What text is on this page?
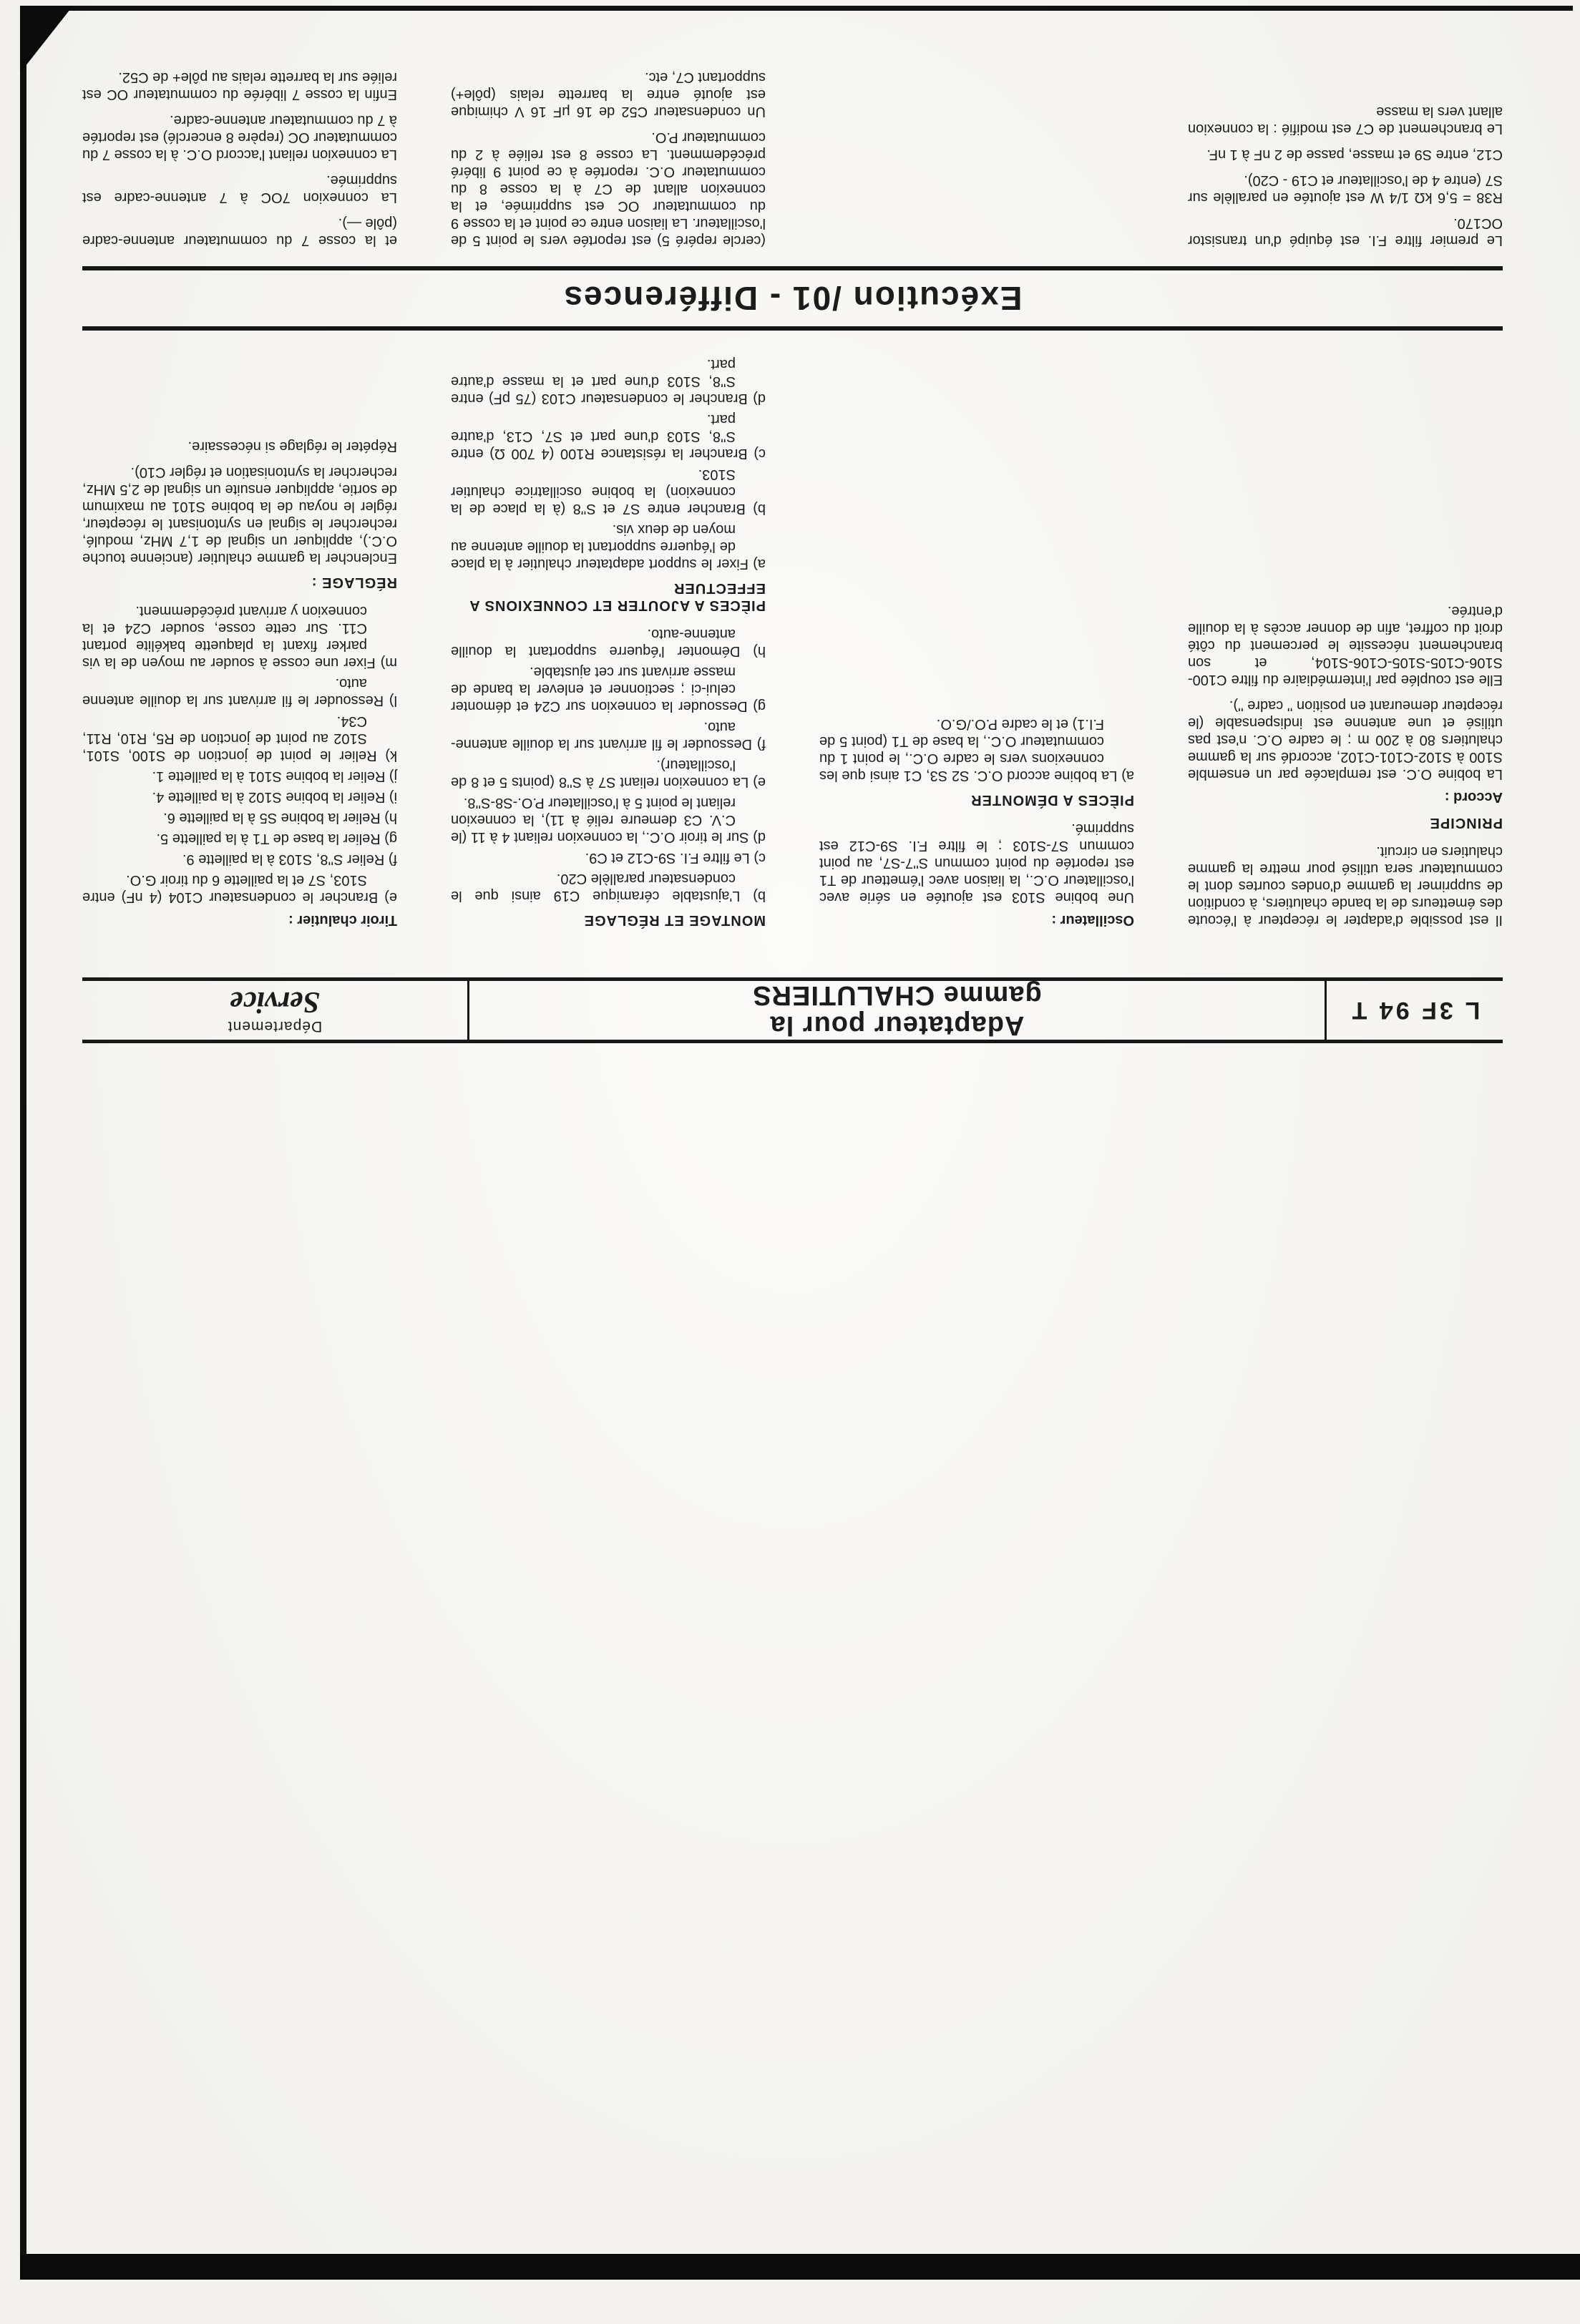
L 3F 94 T
Adaptateur pour la
gamme CHALUTIERS
Département
Service
Il est possible d'adapter le récepteur à l'écoute des émetteurs de la bande chalutiers, à condition de supprimer la gamme d'ondes courtes dont le commutateur sera utilisé pour mettre la gamme chalutiers en circuit.
PRINCIPE
Accord :
La bobine O.C. est remplacée par un ensemble S100 à S102-C101-C102, accordé sur la gamme chalutiers 80 à 200 m ; le cadre O.C. n'est pas utilisé et une antenne est indispensable (le récepteur demeurant en position '' cadre '').
Elle est couplée par l'intermédiaire du filtre C100-S106-C105-S105-C106-S104, et son branchement nécessite le percement du côté droit du coffret, afin de donner accès à la douille d'entrée.
Oscillateur :
Une bobine S103 est ajoutée en série avec l'oscillateur O.C., la liaison avec l'émetteur de T1 est reportée du point commun S''7-S7, au point commun S7-S103 ; le filtre F.I. S9-C12 est supprimé.
PIÈCES A DÉMONTER
a) La bobine accord O.C. S2 S3, C1 ainsi que les connexions vers le cadre O.C., le point 1 du commutateur O.C., la base de T1 (point 5 de F.I.1) et le cadre P.O./G.O.
MONTAGE ET RÉGLAGE
b) L'ajustable céramique C19 ainsi que le condensateur parallèle C20.
c) Le filtre F.I. S9-C12 et C9.
d) Sur le tiroir O.C., la connexion reliant 4 à 11 (le C.V. C3 demeure relié à 11), la connexion reliant le point 5 à l'oscillateur P.O.-S8-S''8.
e) La connexion reliant S7 à S''8 (points 5 et 8 de l'oscillateur).
f) Dessouder le fil arrivant sur la douille antenne-auto.
g) Dessouder la connexion sur C24 et démonter celui-ci ; sectionner et enlever la bande de masse arrivant sur cet ajustable.
h) Démonter l'équerre supportant la douille antenne-auto.
PIÈCES A AJOUTER ET CONNEXIONS A EFFECTUER
a) Fixer le support adaptateur chalutier à la place de l'équerre supportant la douille antenne au moyen de deux vis.
b) Brancher entre S7 et S''8 (à la place de la connexion) la bobine oscillatrice chalutier S103.
c) Brancher la résistance R100 (4 700 Ω) entre S''8, S103 d'une part et S7, C13, d'autre part.
d) Brancher le condensateur C103 (75 pF) entre S''8, S103 d'une part et la masse d'autre part.
Tiroir chalutier :
e) Brancher le condensateur C104 (4 nF) entre S103, S7 et la paillette 6 du tiroir G.O.
f) Relier S''8, S103 à la paillette 9.
g) Relier la base de T1 à la paillette 5.
h) Relier la bobine S5 à la paillette 6.
i) Relier la bobine S102 à la paillette 4.
j) Relier la bobine S101 à la paillette 1.
k) Relier le point de jonction de S100, S101, S102 au point de jonction de R5, R10, R11, C34.
l) Ressouder le fil arrivant sur la douille antenne auto.
m) Fixer une cosse à souder au moyen de la vis parker fixant la plaquette bakélite portant C11. Sur cette cosse, souder C24 et la connexion y arrivant précédemment.
RÉGLAGE :
Enclencher la gamme chalutier (ancienne touche O.C.), appliquer un signal de 1,7 MHz, modulé, rechercher le signal en syntonisant le récepteur, régler le noyau de la bobine S101 au maximum de sortie, appliquer ensuite un signal de 2,5 MHz, rechercher la syntonisation et régler C10).
Répéter le réglage si nécessaire.
Exécution /01 - Différences
Le premier filtre F.I. est équipé d'un transistor OC170.
R38 = 5,6 kΩ 1/4 W est ajoutée en parallèle sur S7 (entre 4 de l'oscillateur et C19 - C20).
C12, entre S9 et masse, passe de 2 nF à 1 nF.
Le branchement de C7 est modifié : la connexion allant vers la masse
(cercle repéré 5) est reportée vers le point 5 de l'oscillateur. La liaison entre ce point et la cosse 9 du commutateur OC est supprimée, et la connexion allant de C7 à la cosse 8 du commutateur O.C. reportée à ce point 9 libéré précédemment. La cosse 8 est reliée à 2 du commutateur P.O.
Un condensateur C52 de 16 μF 16 V chimique est ajouté entre la barrette relais (pôle+) supportant C7, etc.
et la cosse 7 du commutateur antenne-cadre (pôle —).
La connexion 7OC à 7 antenne-cadre est supprimée.
La connexion reliant l'accord O.C. à la cosse 7 du commutateur OC (repère 8 encerclé) est reportée à 7 du commutateur antenne-cadre.
Enfin la cosse 7 libérée du commutateur OC est reliée sur la barrette relais au pôle+ de C52.
